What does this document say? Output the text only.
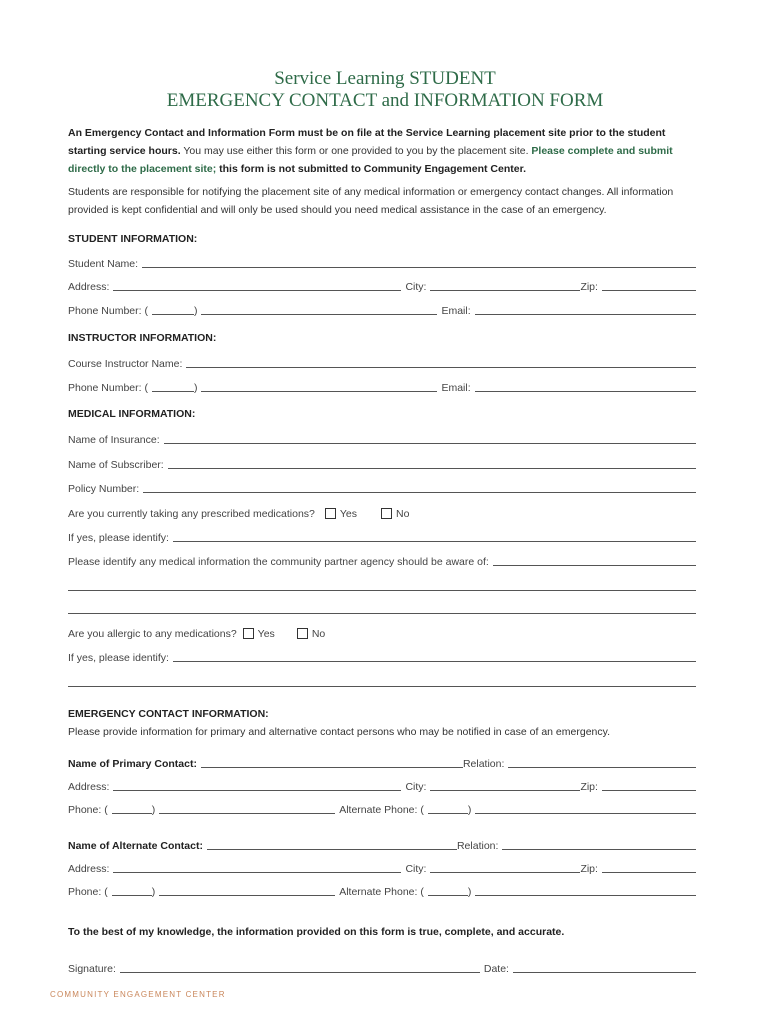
Service Learning STUDENT
EMERGENCY CONTACT and INFORMATION FORM
An Emergency Contact and Information Form must be on file at the Service Learning placement site prior to the student starting service hours. You may use either this form or one provided to you by the placement site. Please complete and submit directly to the placement site; this form is not submitted to Community Engagement Center.
Students are responsible for notifying the placement site of any medical information or emergency contact changes. All information provided is kept confidential and will only be used should you need medical assistance in the case of an emergency.
STUDENT INFORMATION:
Student Name:
Address:	City:	Zip:
Phone Number: (	)	Email:
INSTRUCTOR INFORMATION:
Course Instructor Name:
Phone Number: (	)	Email:
MEDICAL INFORMATION:
Name of Insurance:
Name of Subscriber:
Policy Number:
Are you currently taking any prescribed medications?	Yes	No
If yes, please identify:
Please identify any medical information the community partner agency should be aware of:
Are you allergic to any medications?	Yes	No
If yes, please identify:
EMERGENCY CONTACT INFORMATION:
Please provide information for primary and alternative contact persons who may be notified in case of an emergency.
Name of Primary Contact:	Relation:
Address:	City:	Zip:
Phone: (	)	Alternate Phone: (	)
Name of Alternate Contact:	Relation:
Address:	City:	Zip:
Phone: (	)	Alternate Phone: (	)
To the best of my knowledge, the information provided on this form is true, complete, and accurate.
Signature:	Date:
COMMUNITY ENGAGEMENT CENTER
